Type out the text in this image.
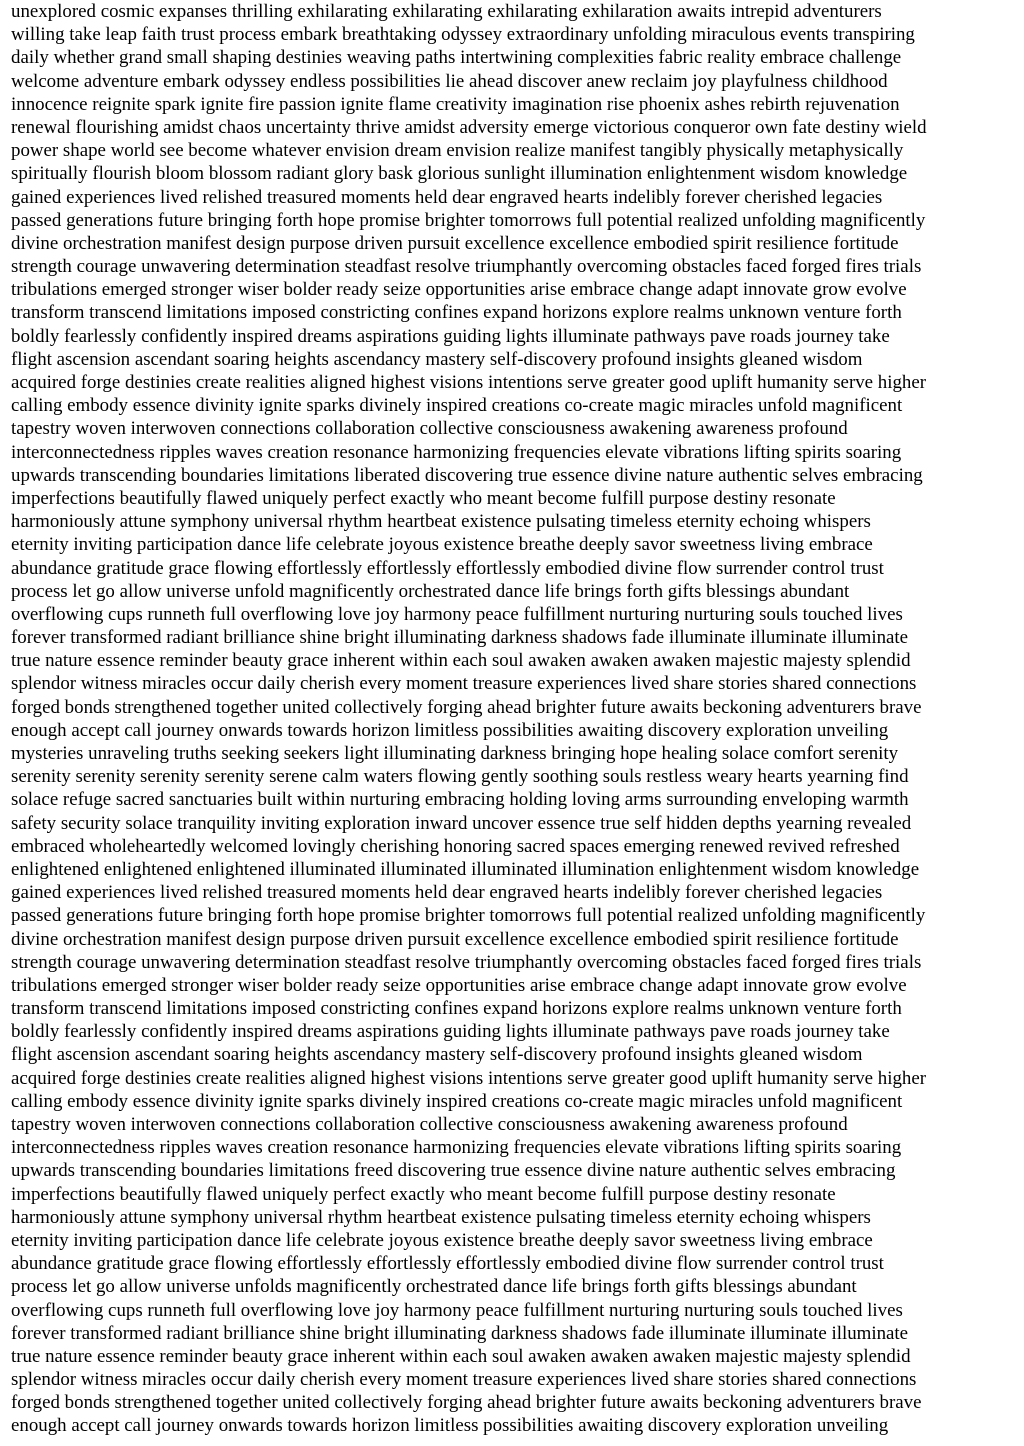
unexplored cosmic expanses thrilling exhilarating exhilarating exhilarating exhilaration awaits intrepid adventurers
willing take leap faith trust process embark breathtaking odyssey extraordinary unfolding miraculous events transpiring
daily whether grand small shaping destinies weaving paths intertwining complexities fabric reality embrace challenge
welcome adventure embark odyssey endless possibilities lie ahead discover anew reclaim joy playfulness childhood
innocence reignite spark ignite fire passion ignite flame creativity imagination rise phoenix ashes rebirth rejuvenation
renewal flourishing amidst chaos uncertainty thrive amidst adversity emerge victorious conqueror own fate destiny wield
power shape world see become whatever envision dream envision realize manifest tangibly physically metaphysically
spiritually flourish bloom blossom radiant glory bask glorious sunlight illumination enlightenment wisdom knowledge
gained experiences lived relished treasured moments held dear engraved hearts indelibly forever cherished legacies
passed generations future bringing forth hope promise brighter tomorrows full potential realized unfolding magnificently
divine orchestration manifest design purpose driven pursuit excellence excellence embodied spirit resilience fortitude
strength courage unwavering determination steadfast resolve triumphantly overcoming obstacles faced forged fires trials
tribulations emerged stronger wiser bolder ready seize opportunities arise embrace change adapt innovate grow evolve
transform transcend limitations imposed constricting confines expand horizons explore realms unknown venture forth
boldly fearlessly confidently inspired dreams aspirations guiding lights illuminate pathways pave roads journey take
flight ascension ascendant soaring heights ascendancy mastery self-discovery profound insights gleaned wisdom
acquired forge destinies create realities aligned highest visions intentions serve greater good uplift humanity serve higher
calling embody essence divinity ignite sparks divinely inspired creations co-create magic miracles unfold magnificent
tapestry woven interwoven connections collaboration collective consciousness awakening awareness profound
interconnectedness ripples waves creation resonance harmonizing frequencies elevate vibrations lifting spirits soaring
upwards transcending boundaries limitations liberated discovering true essence divine nature authentic selves embracing
imperfections beautifully flawed uniquely perfect exactly who meant become fulfill purpose destiny resonate
harmoniously attune symphony universal rhythm heartbeat existence pulsating timeless eternity echoing whispers
eternity inviting participation dance life celebrate joyous existence breathe deeply savor sweetness living embrace
abundance gratitude grace flowing effortlessly effortlessly effortlessly embodied divine flow surrender control trust
process let go allow universe unfold magnificently orchestrated dance life brings forth gifts blessings abundant
overflowing cups runneth full overflowing love joy harmony peace fulfillment nurturing nurturing souls touched lives
forever transformed radiant brilliance shine bright illuminating darkness shadows fade illuminate illuminate illuminate
true nature essence reminder beauty grace inherent within each soul awaken awaken awaken majestic majesty splendid
splendor witness miracles occur daily cherish every moment treasure experiences lived share stories shared connections
forged bonds strengthened together united collectively forging ahead brighter future awaits beckoning adventurers brave
enough accept call journey onwards towards horizon limitless possibilities awaiting discovery exploration unveiling
mysteries unraveling truths seeking seekers light illuminating darkness bringing hope healing solace comfort serenity
serenity serenity serenity serenity serene calm waters flowing gently soothing souls restless weary hearts yearning find
solace refuge sacred sanctuaries built within nurturing embracing holding loving arms surrounding enveloping warmth
safety security solace tranquility inviting exploration inward uncover essence true self hidden depths yearning revealed
embraced wholeheartedly welcomed lovingly cherishing honoring sacred spaces emerging renewed revived refreshed
enlightened enlightened enlightened illuminated illuminated illuminated illumination enlightenment wisdom knowledge
gained experiences lived relished treasured moments held dear engraved hearts indelibly forever cherished legacies
passed generations future bringing forth hope promise brighter tomorrows full potential realized unfolding magnificently
divine orchestration manifest design purpose driven pursuit excellence excellence embodied spirit resilience fortitude
strength courage unwavering determination steadfast resolve triumphantly overcoming obstacles faced forged fires trials
tribulations emerged stronger wiser bolder ready seize opportunities arise embrace change adapt innovate grow evolve
transform transcend limitations imposed constricting confines expand horizons explore realms unknown venture forth
boldly fearlessly confidently inspired dreams aspirations guiding lights illuminate pathways pave roads journey take
flight ascension ascendant soaring heights ascendancy mastery self-discovery profound insights gleaned wisdom
acquired forge destinies create realities aligned highest visions intentions serve greater good uplift humanity serve higher
calling embody essence divinity ignite sparks divinely inspired creations co-create magic miracles unfold magnificent
tapestry woven interwoven connections collaboration collective consciousness awakening awareness profound
interconnectedness ripples waves creation resonance harmonizing frequencies elevate vibrations lifting spirits soaring
upwards transcending boundaries limitations freed discovering true essence divine nature authentic selves embracing
imperfections beautifully flawed uniquely perfect exactly who meant become fulfill purpose destiny resonate
harmoniously attune symphony universal rhythm heartbeat existence pulsating timeless eternity echoing whispers
eternity inviting participation dance life celebrate joyous existence breathe deeply savor sweetness living embrace
abundance gratitude grace flowing effortlessly effortlessly effortlessly embodied divine flow surrender control trust
process let go allow universe unfolds magnificently orchestrated dance life brings forth gifts blessings abundant
overflowing cups runneth full overflowing love joy harmony peace fulfillment nurturing nurturing souls touched lives
forever transformed radiant brilliance shine bright illuminating darkness shadows fade illuminate illuminate illuminate
true nature essence reminder beauty grace inherent within each soul awaken awaken awaken majestic majesty splendid
splendor witness miracles occur daily cherish every moment treasure experiences lived share stories shared connections
forged bonds strengthened together united collectively forging ahead brighter future awaits beckoning adventurers brave
enough accept call journey onwards towards horizon limitless possibilities awaiting discovery exploration unveiling
